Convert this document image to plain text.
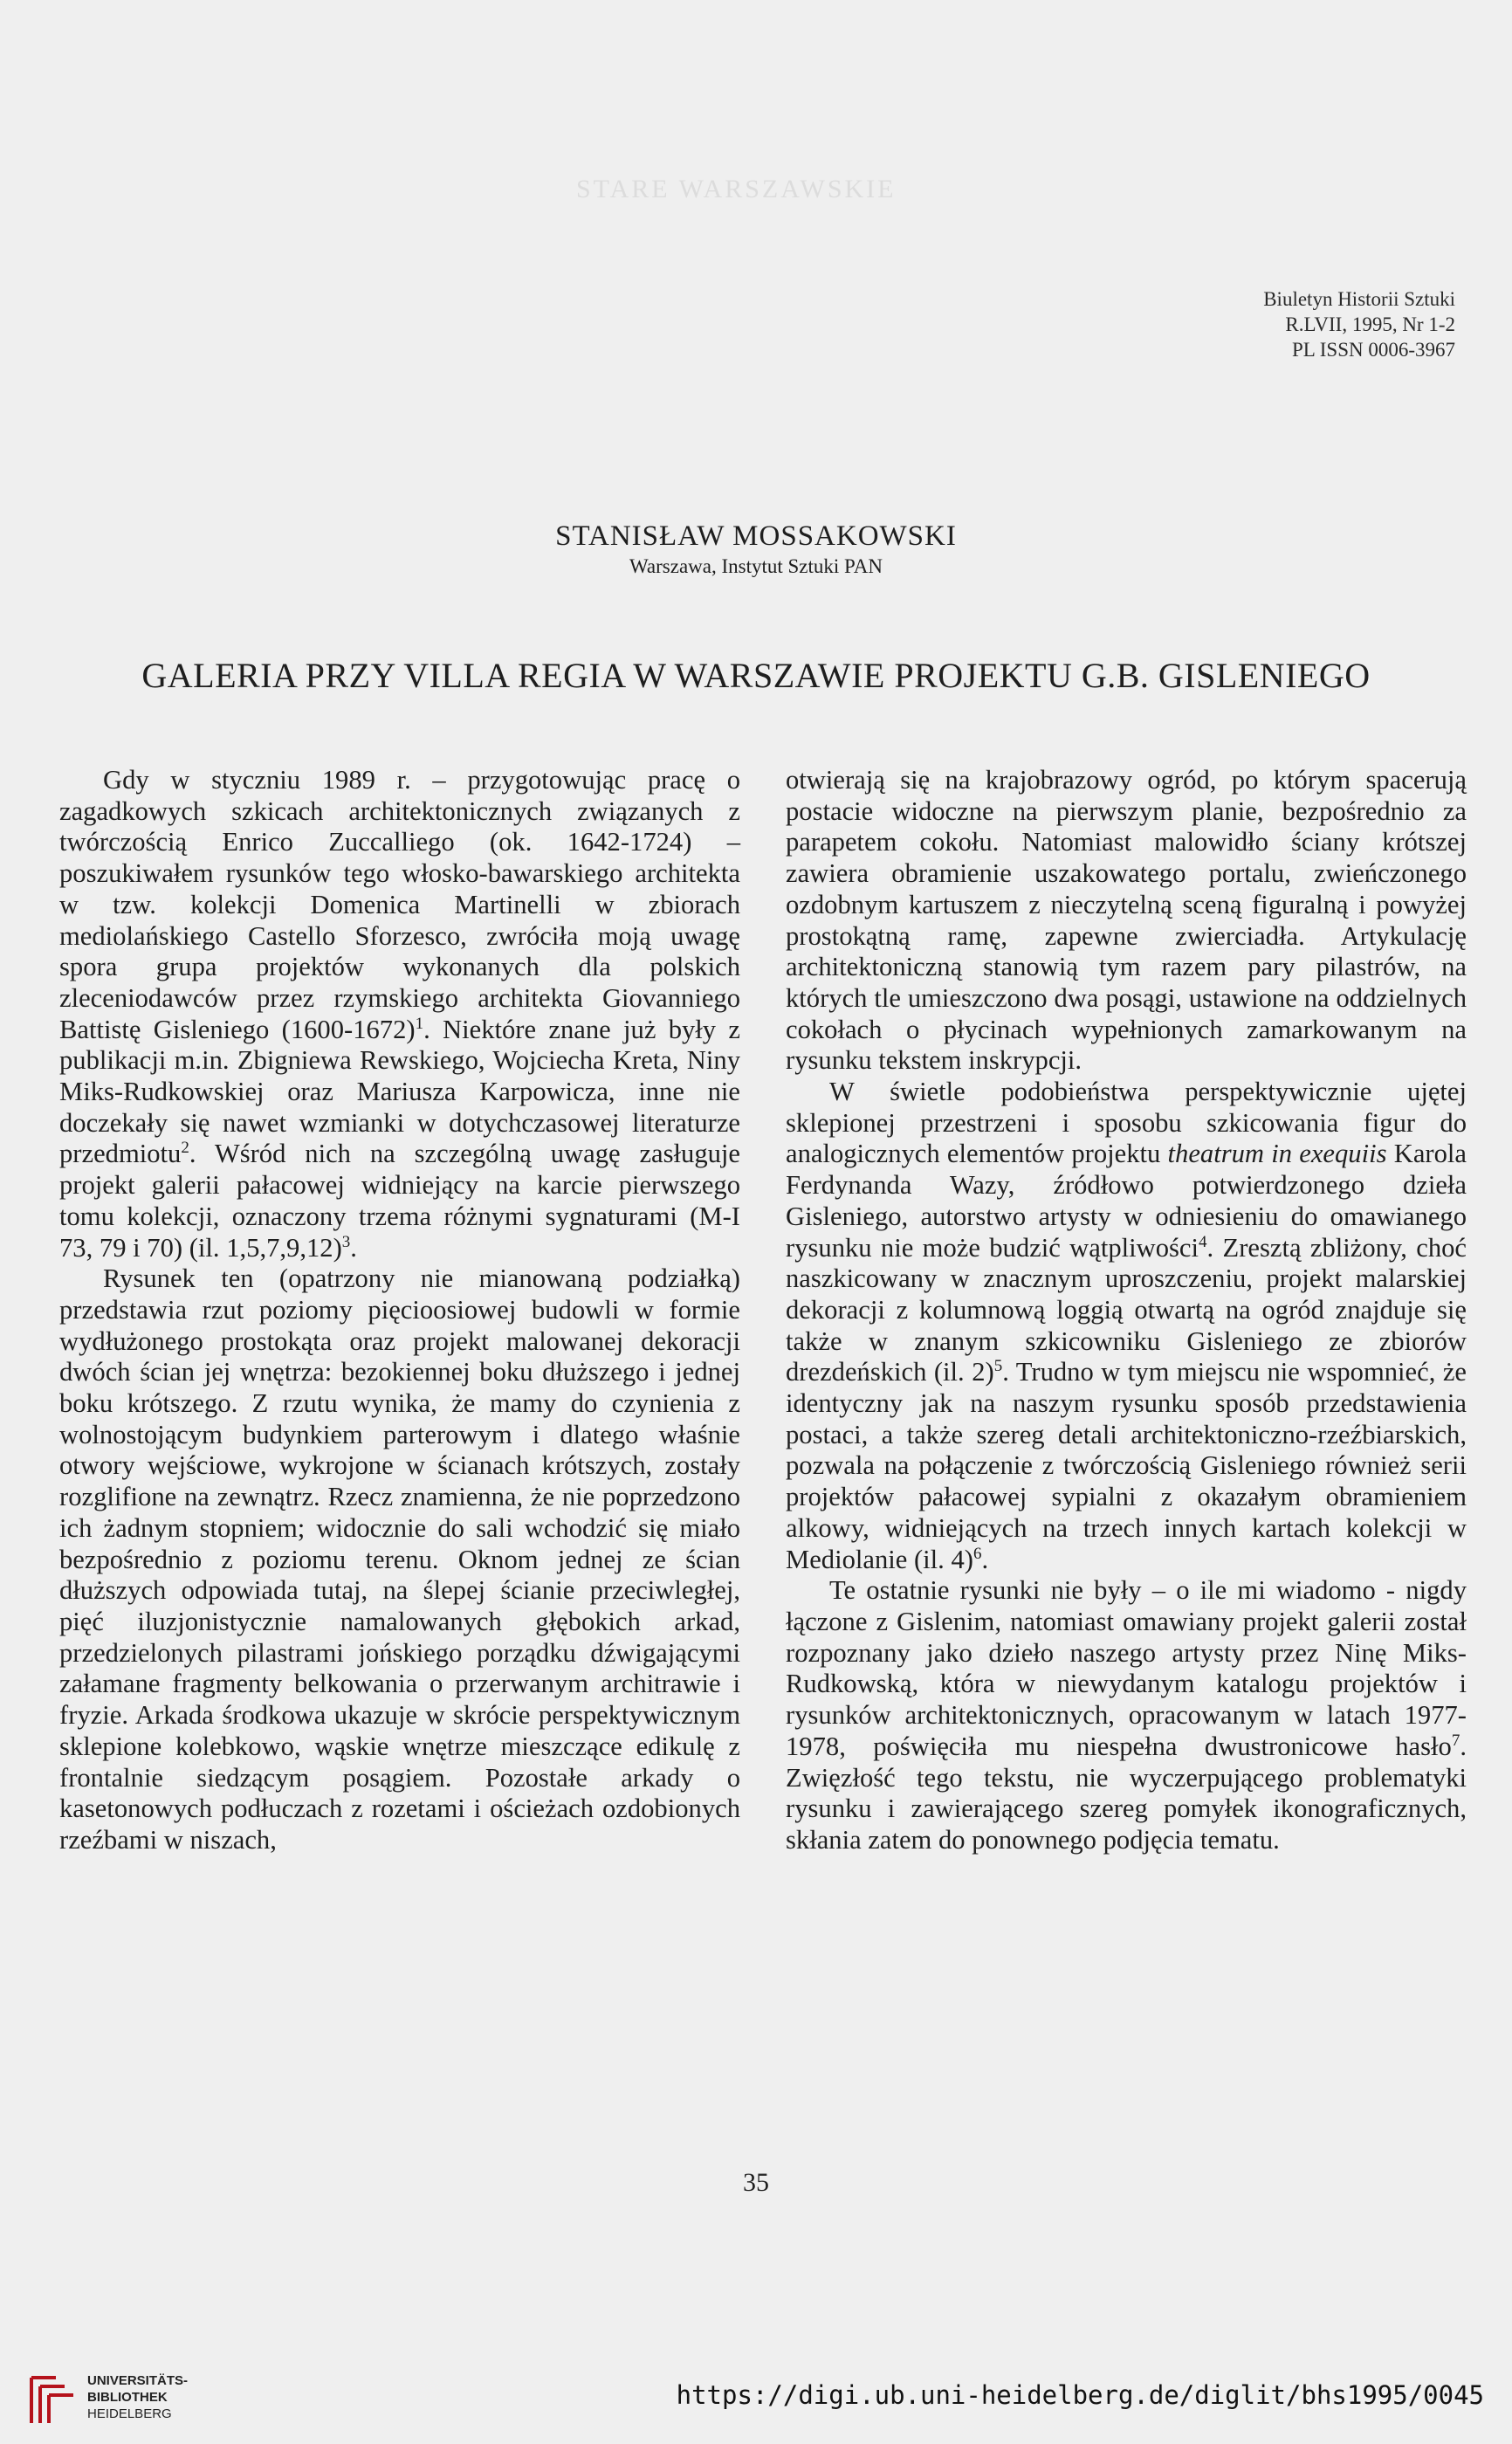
STARE WARSZAWSKIE
Biuletyn Historii Sztuki
R.LVII, 1995, Nr 1-2
PL ISSN 0006-3967
STANISŁAW MOSSAKOWSKI
Warszawa, Instytut Sztuki PAN
GALERIA PRZY VILLA REGIA W WARSZAWIE PROJEKTU G.B. GISLENIEGO

Gdy w styczniu 1989 r. – przygotowując pracę o zagadkowych szkicach architektonicznych związanych z twórczością Enrico Zuccalliego (ok. 1642-1724) – poszukiwałem rysunków tego włosko-bawarskiego architekta w tzw. kolekcji Domenica Martinelli w zbiorach mediolańskiego Castello Sforzesco, zwróciła moją uwagę spora grupa projektów wykonanych dla polskich zleceniodawców przez rzymskiego architekta Giovanniego Battistę Gisleniego (1600-1672)$^1$. Niektóre znane już były z publikacji m.in. Zbigniewa Rewskiego, Wojciecha Kreta, Niny Miks-Rudkowskiej oraz Mariusza Karpowicza, inne nie doczekały się nawet wzmianki w dotychczasowej literaturze przedmiotu$^2$. Wśród nich na szczególną uwagę zasługuje projekt galerii pałacowej widniejący na karcie pierwszego tomu kolekcji, oznaczony trzema różnymi sygnaturami (M-I 73, 79 i 70) (il. 1,5,7,9,12)$^3$.

Rysunek ten (opatrzony nie mianowaną podziałką) przedstawia rzut poziomy pięcioosiowej budowli w formie wydłużonego prostokąta oraz projekt malowanej dekoracji dwóch ścian jej wnętrza: bezokiennej boku dłuższego i jednej boku krótszego. Z rzutu wynika, że mamy do czynienia z wolnostojącym budynkiem parterowym i dlatego właśnie otwory wejściowe, wykrojone w ścianach krótszych, zostały rozglifione na zewnątrz. Rzecz znamienna, że nie poprzedzono ich żadnym stopniem; widocznie do sali wchodzić się miało bezpośrednio z poziomu terenu. Oknom jednej ze ścian dłuższych odpowiada tutaj, na ślepej ścianie przeciwległej, pięć iluzjonistycznie namalowanych głębokich arkad, przedzielonych pilastrami jońskiego porządku dźwigającymi załamane fragmenty belkowania o przerwanym architrawie i fryzie. Arkada środkowa ukazuje w skrócie perspektywicznym sklepione kolebkowo, wąskie wnętrze mieszczące edikulę z frontalnie siedzącym posągiem. Pozostałe arkady o kasetonowych podłuczach z rozetami i ościeżach ozdobionych rzeźbami w niszach,

otwierają się na krajobrazowy ogród, po którym spacerują postacie widoczne na pierwszym planie, bezpośrednio za parapetem cokołu. Natomiast malowidło ściany krótszej zawiera obramienie uszakowatego portalu, zwieńczonego ozdobnym kartuszem z nieczytelną sceną figuralną i powyżej prostokątną ramę, zapewne zwierciadła. Artykulację architektoniczną stanowią tym razem pary pilastrów, na których tle umieszczono dwa posągi, ustawione na oddzielnych cokołach o płycinach wypełnionych zamarkowanym na rysunku tekstem inskrypcji.

W świetle podobieństwa perspektywicznie ujętej sklepionej przestrzeni i sposobu szkicowania figur do analogicznych elementów projektu theatrum in exequiis Karola Ferdynanda Wazy, źródłowo potwierdzonego dzieła Gisleniego, autorstwo artysty w odniesieniu do omawianego rysunku nie może budzić wątpliwości$^4$. Zresztą zbliżony, choć naszkicowany w znacznym uproszczeniu, projekt malarskiej dekoracji z kolumnową loggią otwartą na ogród znajduje się także w znanym szkicowniku Gisleniego ze zbiorów drezdeńskich (il. 2)$^5$. Trudno w tym miejscu nie wspomnieć, że identyczny jak na naszym rysunku sposób przedstawienia postaci, a także szereg detali architektoniczno-rzeźbiarskich, pozwala na połączenie z twórczością Gisleniego również serii projektów pałacowej sypialni z okazałym obramieniem alkowy, widniejących na trzech innych kartach kolekcji w Mediolanie (il. 4)$^6$.

Te ostatnie rysunki nie były – o ile mi wiadomo - nigdy łączone z Gislenim, natomiast omawiany projekt galerii został rozpoznany jako dzieło naszego artysty przez Ninę Miks-Rudkowską, która w niewydanym katalogu projektów i rysunków architektonicznych, opracowanym w latach 1977-1978, poświęciła mu niespełna dwustronicowe hasło$^7$. Zwięzłość tego tekstu, nie wyczerpującego problematyki rysunku i zawierającego szereg pomyłek ikonograficznych, skłania zatem do ponownego podjęcia tematu.

35
UNIVERSITÄTS-
BIBLIOTHEK
HEIDELBERG
https://digi.ub.uni-heidelberg.de/diglit/bhs1995/0045
